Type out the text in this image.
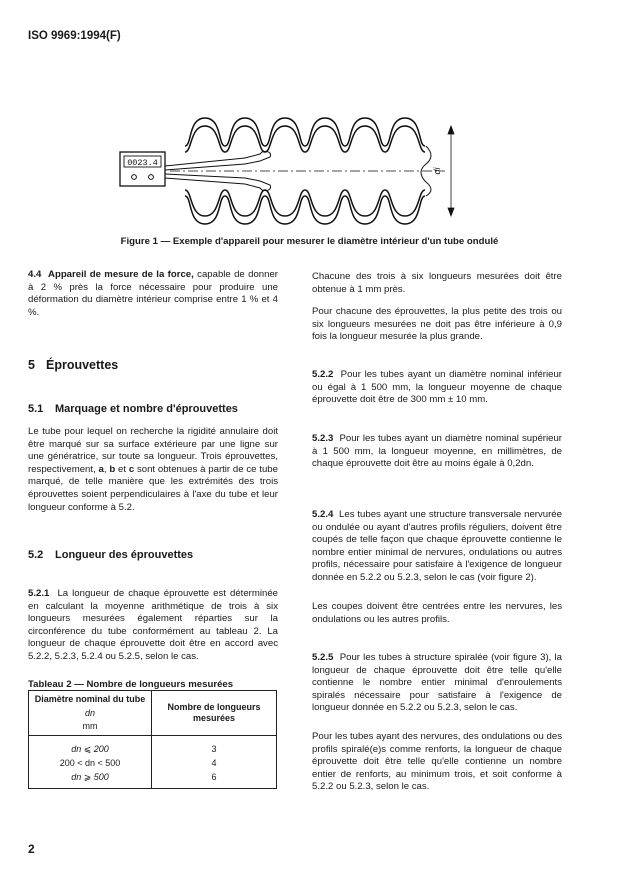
ISO 9969:1994(F)
0023.4
di
Figure 1 — Exemple d'appareil pour mesurer le diamètre intérieur d'un tube ondulé

4.4 Appareil de mesure de la force, capable de donner à 2 % près la force nécessaire pour produire une déformation du diamètre intérieur comprise entre 1 % et 4 %.

5 Éprouvettes
5.1 Marquage et nombre d'éprouvettes

Le tube pour lequel on recherche la rigidité annulaire doit être marqué sur sa surface extérieure par une ligne sur une génératrice, sur toute sa longueur. Trois éprouvettes, respectivement, a, b et c sont obtenues à partir de ce tube marqué, de telle manière que les extrémités des trois éprouvettes soient perpendiculaires à l'axe du tube et leur longueur conforme à 5.2.

5.2 Longueur des éprouvettes

5.2.1 La longueur de chaque éprouvette est déterminée en calculant la moyenne arithmétique de trois à six longueurs mesurées également réparties sur la circonférence du tube conformément au tableau 2. La longueur de chaque éprouvette doit être en accord avec 5.2.2, 5.2.3, 5.2.4 ou 5.2.5, selon le cas.

Tableau 2 — Nombre de longueurs mesurées
Diamètre nominal du tube
dn
mm	Nombre de longueurs mesurées
dn ⩽ 200	3
200 < dn < 500	4
dn ⩾ 500	6
Chacune des trois à six longueurs mesurées doit être obtenue à 1 mm près.
Pour chacune des éprouvettes, la plus petite des trois ou six longueurs mesurées ne doit pas être inférieure à 0,9 fois la longueur mesurée la plus grande.

5.2.2 Pour les tubes ayant un diamètre nominal inférieur ou égal à 1 500 mm, la longueur moyenne de chaque éprouvette doit être de 300 mm ± 10 mm.

5.2.3 Pour les tubes ayant un diamètre nominal supérieur à 1 500 mm, la longueur moyenne, en millimètres, de chaque éprouvette doit être au moins égale à 0,2dn.

5.2.4 Les tubes ayant une structure transversale nervurée ou ondulée ou ayant d'autres profils réguliers, doivent être coupés de telle façon que chaque éprouvette contienne le nombre entier minimal de nervures, ondulations ou autres profils, nécessaire pour satisfaire à l'exigence de longueur donnée en 5.2.2 ou 5.2.3, selon le cas (voir figure 2).

Les coupes doivent être centrées entre les nervures, les ondulations ou les autres profils.

5.2.5 Pour les tubes à structure spiralée (voir figure 3), la longueur de chaque éprouvette doit être telle qu'elle contienne le nombre entier minimal d'enroulements spiralés nécessaire pour satisfaire à l'exigence de longueur donnée en 5.2.2 ou 5.2.3, selon le cas.

Pour les tubes ayant des nervures, des ondulations ou des profils spiralé(e)s comme renforts, la longueur de chaque éprouvette doit être telle qu'elle contienne un nombre entier de renforts, au minimum trois, et soit conforme à 5.2.2 ou 5.2.3, selon le cas.
2
